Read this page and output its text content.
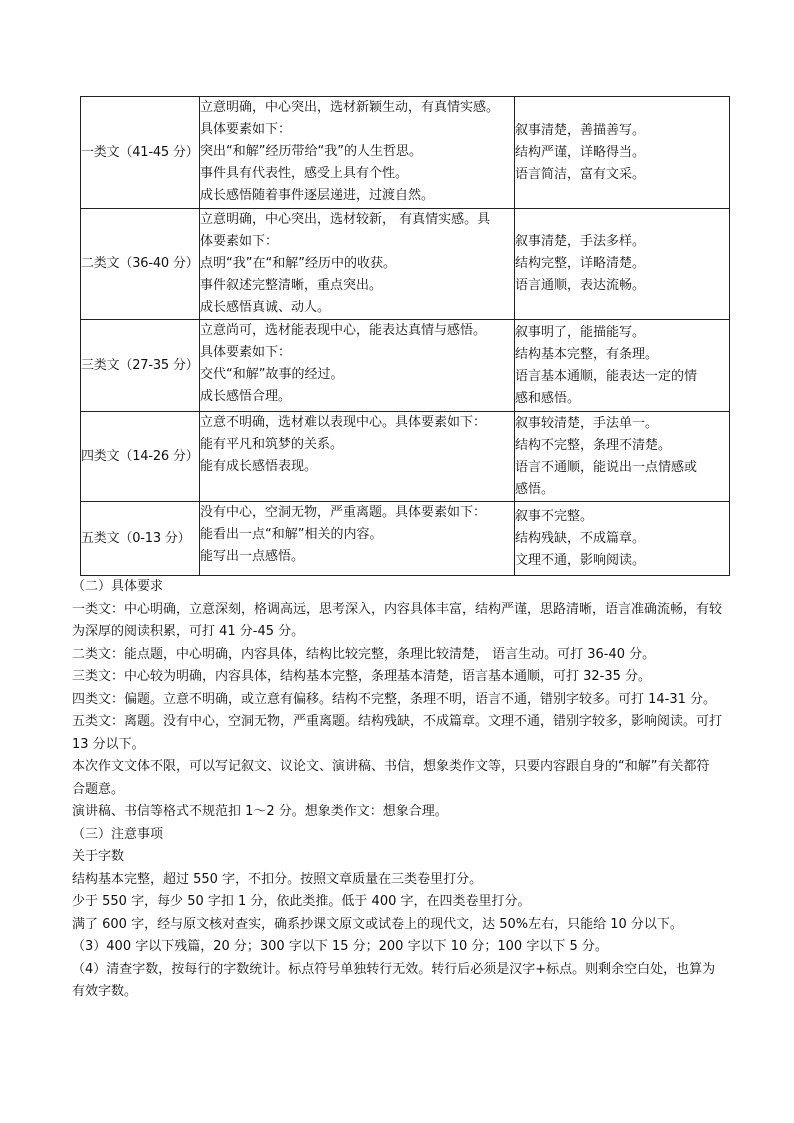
一类文（41-45 分）	立意明确，中心突出，选材新颖生动，有真情实感。
具体要素如下：
突出“和解”经历带给“我”的人生哲思。
事件具有代表性，感受上具有个性。
成长感悟随着事件逐层递进，过渡自然。	叙事清楚，善描善写。
结构严谨，详略得当。
语言简洁，富有文采。

二类文（36-40 分）	立意明确，中心突出，选材较新， 有真情实感。具
体要素如下：
点明“我”在“和解”经历中的收获。
事件叙述完整清晰，重点突出。
成长感悟真诚、动人。	叙事清楚，手法多样。
结构完整，详略清楚。
语言通顺，表达流畅。

三类文（27-35 分）	立意尚可，选材能表现中心，能表达真情与感悟。
具体要素如下：
交代“和解”故事的经过。
成长感悟合理。	叙事明了，能描能写。
结构基本完整，有条理。
语言基本通顺，能表达一定的情
感和感悟。

四类文（14-26 分）	立意不明确，选材难以表现中心。具体要素如下：
能有平凡和筑梦的关系。
能有成长感悟表现。	叙事较清楚，手法单一。
结构不完整，条理不清楚。
语言不通顺，能说出一点情感或
感悟。

五类文（0-13 分）	没有中心，空洞无物，严重离题。具体要素如下：
能看出一点“和解”相关的内容。
能写出一点感悟。	叙事不完整。
结构残缺，不成篇章。
文理不通，影响阅读。

（二）具体要求

一类文：中心明确，立意深刻，格调高远，思考深入，内容具体丰富，结构严谨，思路清晰，语言准确流畅，有较为深厚的阅读积累，可打 41 分-45 分。

二类文：能点题，中心明确，内容具体，结构比较完整，条理比较清楚， 语言生动。可打 36-40 分。

三类文：中心较为明确，内容具体，结构基本完整，条理基本清楚，语言基本通顺，可打 32-35 分。

四类文：偏题。立意不明确，或立意有偏移。结构不完整，条理不明，语言不通，错别字较多。可打 14-31 分。

五类文：离题。没有中心，空洞无物，严重离题。结构残缺，不成篇章。文理不通，错别字较多，影响阅读。可打 13 分以下。

本次作文文体不限，可以写记叙文、议论文、演讲稿、书信，想象类作文等，只要内容跟自身的“和解”有关都符合题意。

演讲稿、书信等格式不规范扣 1～2 分。想象类作文：想象合理。

（三）注意事项

关于字数

结构基本完整，超过 550 字，不扣分。按照文章质量在三类卷里打分。

少于 550 字，每少 50 字扣 1 分，依此类推。低于 400 字，在四类卷里打分。

满了 600 字，经与原文核对查实，确系抄课文原文或试卷上的现代文，达 50%左右，只能给 10 分以下。

（3）400 字以下残篇，20 分；300 字以下 15 分；200 字以下 10 分；100 字以下 5 分。

（4）清查字数，按每行的字数统计。标点符号单独转行无效。转行后必须是汉字+标点。则剩余空白处，也算为有效字数。
